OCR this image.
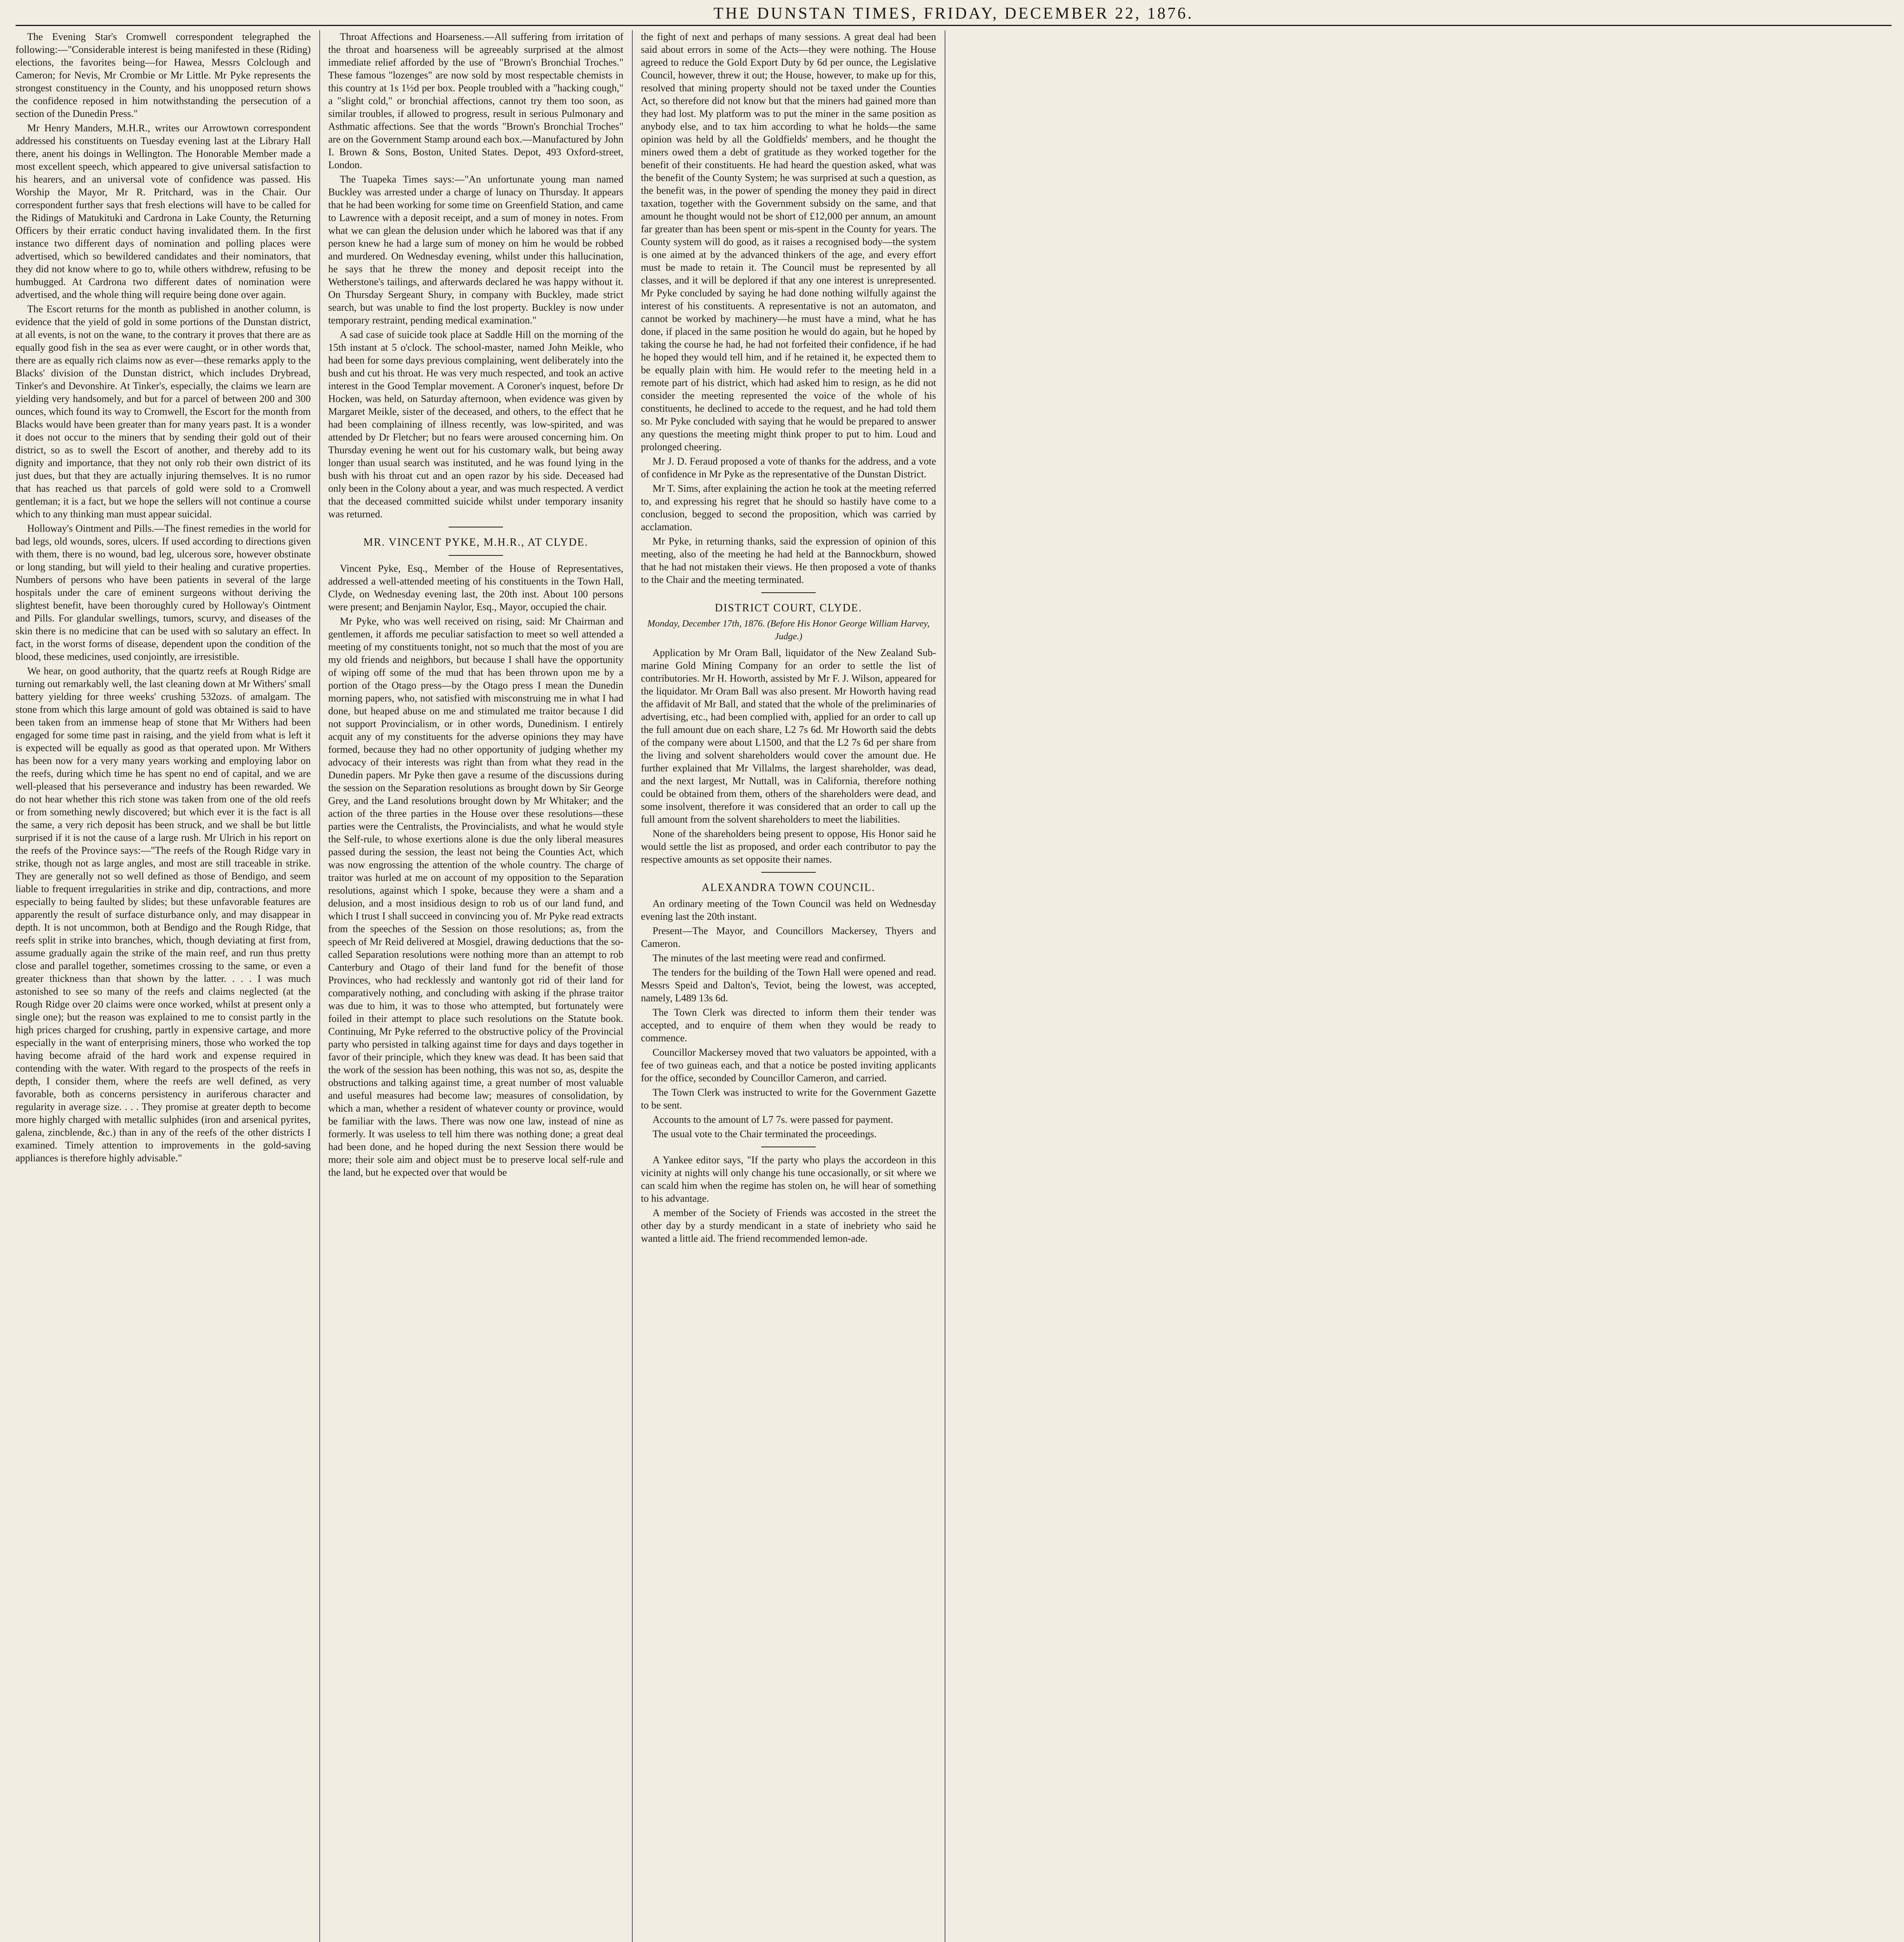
THE DUNSTAN TIMES, FRIDAY, DECEMBER 22, 1876.

The Evening Star's Cromwell correspondent telegraphed the following:—"Considerable interest is being manifested in these (Riding) elections, the favorites being—for Hawea, Messrs Colclough and Cameron; for Nevis, Mr Crombie or Mr Little. Mr Pyke represents the strongest constituency in the County, and his unopposed return shows the confidence reposed in him notwithstanding the persecution of a section of the Dunedin Press."

Mr Henry Manders, M.H.R., writes our Arrowtown correspondent addressed his constituents on Tuesday evening last at the Library Hall there, anent his doings in Wellington. The Honorable Member made a most excellent speech, which appeared to give universal satisfaction to his hearers, and an universal vote of confidence was passed. His Worship the Mayor, Mr R. Pritchard, was in the Chair. Our correspondent further says that fresh elections will have to be called for the Ridings of Matukituki and Cardrona in Lake County, the Returning Officers by their erratic conduct having invalidated them. In the first instance two different days of nomination and polling places were advertised, which so bewildered candidates and their nominators, that they did not know where to go to, while others withdrew, refusing to be humbugged. At Cardrona two different dates of nomination were advertised, and the whole thing will require being done over again.

The Escort returns for the month as published in another column, is evidence that the yield of gold in some portions of the Dunstan district, at all events, is not on the wane, to the contrary it proves that there are as equally good fish in the sea as ever were caught, or in other words that, there are as equally rich claims now as ever—these remarks apply to the Blacks' division of the Dunstan district, which includes Drybread, Tinker's and Devonshire. At Tinker's, especially, the claims we learn are yielding very handsomely, and but for a parcel of between 200 and 300 ounces, which found its way to Cromwell, the Escort for the month from Blacks would have been greater than for many years past. It is a wonder it does not occur to the miners that by sending their gold out of their district, so as to swell the Escort of another, and thereby add to its dignity and importance, that they not only rob their own district of its just dues, but that they are actually injuring themselves. It is no rumor that has reached us that parcels of gold were sold to a Cromwell gentleman; it is a fact, but we hope the sellers will not continue a course which to any thinking man must appear suicidal.

Holloway's Ointment and Pills.—The finest remedies in the world for bad legs, old wounds, sores, ulcers. If used according to directions given with them, there is no wound, bad leg, ulcerous sore, however obstinate or long standing, but will yield to their healing and curative properties. Numbers of persons who have been patients in several of the large hospitals under the care of eminent surgeons without deriving the slightest benefit, have been thoroughly cured by Holloway's Ointment and Pills. For glandular swellings, tumors, scurvy, and diseases of the skin there is no medicine that can be used with so salutary an effect. In fact, in the worst forms of disease, dependent upon the condition of the blood, these medicines, used conjointly, are irresistible.

We hear, on good authority, that the quartz reefs at Rough Ridge are turning out remarkably well, the last cleaning down at Mr Withers' small battery yielding for three weeks' crushing 532ozs. of amalgam. The stone from which this large amount of gold was obtained is said to have been taken from an immense heap of stone that Mr Withers had been engaged for some time past in raising, and the yield from what is left it is expected will be equally as good as that operated upon. Mr Withers has been now for a very many years working and employing labor on the reefs, during which time he has spent no end of capital, and we are well-pleased that his perseverance and industry has been rewarded. We do not hear whether this rich stone was taken from one of the old reefs or from something newly discovered; but which ever it is the fact is all the same, a very rich deposit has been struck, and we shall be but little surprised if it is not the cause of a large rush. Mr Ulrich in his report on the reefs of the Province says:—"The reefs of the Rough Ridge vary in strike, though not as large angles, and most are still traceable in strike. They are generally not so well defined as those of Bendigo, and seem liable to frequent irregularities in strike and dip, contractions, and more especially to being faulted by slides; but these unfavorable features are apparently the result of surface disturbance only, and may disappear in depth. It is not uncommon, both at Bendigo and the Rough Ridge, that reefs split in strike into branches, which, though deviating at first from, assume gradually again the strike of the main reef, and run thus pretty close and parallel together, sometimes crossing to the same, or even a greater thickness than that shown by the latter. . . . I was much astonished to see so many of the reefs and claims neglected (at the Rough Ridge over 20 claims were once worked, whilst at present only a single one); but the reason was explained to me to consist partly in the high prices charged for crushing, partly in expensive cartage, and more especially in the want of enterprising miners, those who worked the top having become afraid of the hard work and expense required in contending with the water. With regard to the prospects of the reefs in depth, I consider them, where the reefs are well defined, as very favorable, both as concerns persistency in auriferous character and regularity in average size. . . . They promise at greater depth to become more highly charged with metallic sulphides (iron and arsenical pyrites, galena, zincblende, &c.) than in any of the reefs of the other districts I examined. Timely attention to improvements in the gold-saving appliances is therefore highly advisable."

Throat Affections and Hoarseness.—All suffering from irritation of the throat and hoarseness will be agreeably surprised at the almost immediate relief afforded by the use of "Brown's Bronchial Troches." These famous "lozenges" are now sold by most respectable chemists in this country at 1s 1½d per box. People troubled with a "hacking cough," a "slight cold," or bronchial affections, cannot try them too soon, as similar troubles, if allowed to progress, result in serious Pulmonary and Asthmatic affections. See that the words "Brown's Bronchial Troches" are on the Government Stamp around each box.—Manufactured by John I. Brown & Sons, Boston, United States. Depot, 493 Oxford-street, London.

The Tuapeka Times says:—"An unfortunate young man named Buckley was arrested under a charge of lunacy on Thursday. It appears that he had been working for some time on Greenfield Station, and came to Lawrence with a deposit receipt, and a sum of money in notes. From what we can glean the delusion under which he labored was that if any person knew he had a large sum of money on him he would be robbed and murdered. On Wednesday evening, whilst under this hallucination, he says that he threw the money and deposit receipt into the Wetherstone's tailings, and afterwards declared he was happy without it. On Thursday Sergeant Shury, in company with Buckley, made strict search, but was unable to find the lost property. Buckley is now under temporary restraint, pending medical examination."

A sad case of suicide took place at Saddle Hill on the morning of the 15th instant at 5 o'clock. The school-master, named John Meikle, who had been for some days previous complaining, went deliberately into the bush and cut his throat. He was very much respected, and took an active interest in the Good Templar movement. A Coroner's inquest, before Dr Hocken, was held, on Saturday afternoon, when evidence was given by Margaret Meikle, sister of the deceased, and others, to the effect that he had been complaining of illness recently, was low-spirited, and was attended by Dr Fletcher; but no fears were aroused concerning him. On Thursday evening he went out for his customary walk, but being away longer than usual search was instituted, and he was found lying in the bush with his throat cut and an open razor by his side. Deceased had only been in the Colony about a year, and was much respected. A verdict that the deceased committed suicide whilst under temporary insanity was returned.

MR. VINCENT PYKE, M.H.R., AT CLYDE.

Vincent Pyke, Esq., Member of the House of Representatives, addressed a well-attended meeting of his constituents in the Town Hall, Clyde, on Wednesday evening last, the 20th inst. About 100 persons were present; and Benjamin Naylor, Esq., Mayor, occupied the chair.

Mr Pyke, who was well received on rising, said: Mr Chairman and gentlemen, it affords me peculiar satisfaction to meet so well attended a meeting of my constituents tonight, not so much that the most of you are my old friends and neighbors, but because I shall have the opportunity of wiping off some of the mud that has been thrown upon me by a portion of the Otago press—by the Otago press I mean the Dunedin morning papers, who, not satisfied with misconstruing me in what I had done, but heaped abuse on me and stimulated me traitor because I did not support Provincialism, or in other words, Dunedinism. I entirely acquit any of my constituents for the adverse opinions they may have formed, because they had no other opportunity of judging whether my advocacy of their interests was right than from what they read in the Dunedin papers. Mr Pyke then gave a resume of the discussions during the session on the Separation resolutions as brought down by Sir George Grey, and the Land resolutions brought down by Mr Whitaker; and the action of the three parties in the House over these resolutions—these parties were the Centralists, the Provincialists, and what he would style the Self-rule, to whose exertions alone is due the only liberal measures passed during the session, the least not being the Counties Act, which was now engrossing the attention of the whole country. The charge of traitor was hurled at me on account of my opposition to the Separation resolutions, against which I spoke, because they were a sham and a delusion, and a most insidious design to rob us of our land fund, and which I trust I shall succeed in convincing you of. Mr Pyke read extracts from the speeches of the Session on those resolutions; as, from the speech of Mr Reid delivered at Mosgiel, drawing deductions that the so-called Separation resolutions were nothing more than an attempt to rob Canterbury and Otago of their land fund for the benefit of those Provinces, who had recklessly and wantonly got rid of their land for comparatively nothing, and concluding with asking if the phrase traitor was due to him, it was to those who attempted, but fortunately were foiled in their attempt to place such resolutions on the Statute book. Continuing, Mr Pyke referred to the obstructive policy of the Provincial party who persisted in talking against time for days and days together in favor of their principle, which they knew was dead. It has been said that the work of the session has been nothing, this was not so, as, despite the obstructions and talking against time, a great number of most valuable and useful measures had become law; measures of consolidation, by which a man, whether a resident of whatever county or province, would be familiar with the laws. There was now one law, instead of nine as formerly. It was useless to tell him there was nothing done; a great deal had been done, and he hoped during the next Session there would be more; their sole aim and object must be to preserve local self-rule and the land, but he expected over that would be

the fight of next and perhaps of many sessions. A great deal had been said about errors in some of the Acts—they were nothing. The House agreed to reduce the Gold Export Duty by 6d per ounce, the Legislative Council, however, threw it out; the House, however, to make up for this, resolved that mining property should not be taxed under the Counties Act, so therefore did not know but that the miners had gained more than they had lost. My platform was to put the miner in the same position as anybody else, and to tax him according to what he holds—the same opinion was held by all the Goldfields' members, and he thought the miners owed them a debt of gratitude as they worked together for the benefit of their constituents. He had heard the question asked, what was the benefit of the County System; he was surprised at such a question, as the benefit was, in the power of spending the money they paid in direct taxation, together with the Government subsidy on the same, and that amount he thought would not be short of £12,000 per annum, an amount far greater than has been spent or mis-spent in the County for years. The County system will do good, as it raises a recognised body—the system is one aimed at by the advanced thinkers of the age, and every effort must be made to retain it. The Council must be represented by all classes, and it will be deplored if that any one interest is unrepresented. Mr Pyke concluded by saying he had done nothing wilfully against the interest of his constituents. A representative is not an automaton, and cannot be worked by machinery—he must have a mind, what he has done, if placed in the same position he would do again, but he hoped by taking the course he had, he had not forfeited their confidence, if he had he hoped they would tell him, and if he retained it, he expected them to be equally plain with him. He would refer to the meeting held in a remote part of his district, which had asked him to resign, as he did not consider the meeting represented the voice of the whole of his constituents, he declined to accede to the request, and he had told them so. Mr Pyke concluded with saying that he would be prepared to answer any questions the meeting might think proper to put to him. Loud and prolonged cheering.

Mr J. D. Feraud proposed a vote of thanks for the address, and a vote of confidence in Mr Pyke as the representative of the Dunstan District.

Mr T. Sims, after explaining the action he took at the meeting referred to, and expressing his regret that he should so hastily have come to a conclusion, begged to second the proposition, which was carried by acclamation.

Mr Pyke, in returning thanks, said the expression of opinion of this meeting, also of the meeting he had held at the Bannockburn, showed that he had not mistaken their views. He then proposed a vote of thanks to the Chair and the meeting terminated.

DISTRICT COURT, CLYDE.
Monday, December 17th, 1876. (Before His Honor George William Harvey, Judge.)

Application by Mr Oram Ball, liquidator of the New Zealand Sub-marine Gold Mining Company for an order to settle the list of contributories. Mr H. Howorth, assisted by Mr F. J. Wilson, appeared for the liquidator. Mr Oram Ball was also present. Mr Howorth having read the affidavit of Mr Ball, and stated that the whole of the preliminaries of advertising, etc., had been complied with, applied for an order to call up the full amount due on each share, L2 7s 6d. Mr Howorth said the debts of the company were about L1500, and that the L2 7s 6d per share from the living and solvent shareholders would cover the amount due. He further explained that Mr Villalms, the largest shareholder, was dead, and the next largest, Mr Nuttall, was in California, therefore nothing could be obtained from them, others of the shareholders were dead, and some insolvent, therefore it was considered that an order to call up the full amount from the solvent shareholders to meet the liabilities.

None of the shareholders being present to oppose, His Honor said he would settle the list as proposed, and order each contributor to pay the respective amounts as set opposite their names.

ALEXANDRA TOWN COUNCIL.

An ordinary meeting of the Town Council was held on Wednesday evening last the 20th instant.

Present—The Mayor, and Councillors Mackersey, Thyers and Cameron.

The minutes of the last meeting were read and confirmed.

The tenders for the building of the Town Hall were opened and read. Messrs Speid and Dalton's, Teviot, being the lowest, was accepted, namely, L489 13s 6d.

The Town Clerk was directed to inform them their tender was accepted, and to enquire of them when they would be ready to commence.

Councillor Mackersey moved that two valuators be appointed, with a fee of two guineas each, and that a notice be posted inviting applicants for the office, seconded by Councillor Cameron, and carried.

The Town Clerk was instructed to write for the Government Gazette to be sent.

Accounts to the amount of L7 7s. were passed for payment.

The usual vote to the Chair terminated the proceedings.

A Yankee editor says, "If the party who plays the accordeon in this vicinity at nights will only change his tune occasionally, or sit where we can scald him when the regime has stolen on, he will hear of something to his advantage.

A member of the Society of Friends was accosted in the street the other day by a sturdy mendicant in a state of inebriety who said he wanted a little aid. The friend recommended lemon-ade.
